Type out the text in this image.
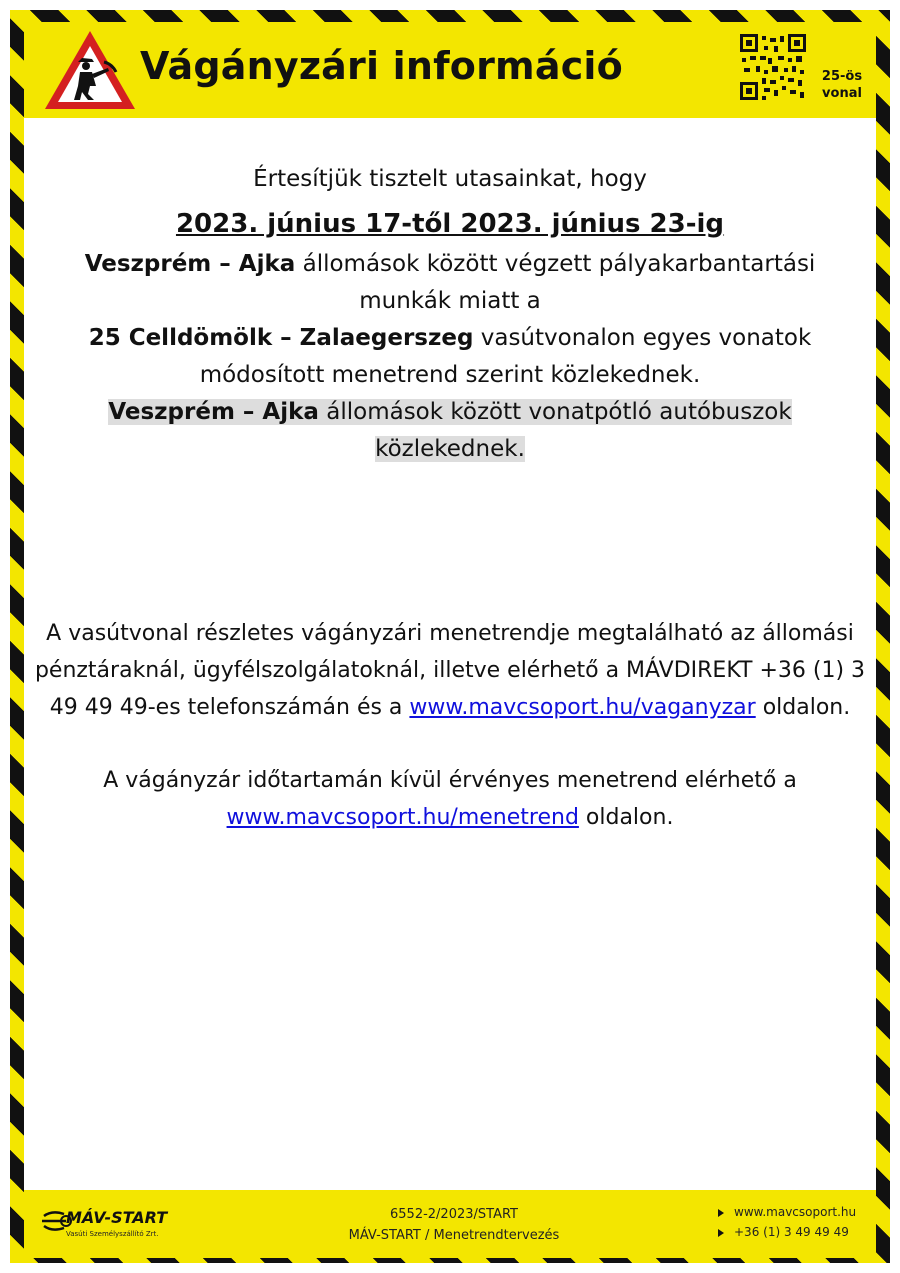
Vágányzári információ	25-ös
vonal

Értesítjük tisztelt utasainkat, hogy

2023. június 17-től 2023. június 23-ig

Veszprém – Ajka állomások között végzett pályakarbantartási munkák miatt a

25 Celldömölk – Zalaegerszeg vasútvonalon egyes vonatok módosított menetrend szerint közlekednek.

Veszprém – Ajka állomások között vonatpótló autóbuszok közlekednek.

A vasútvonal részletes vágányzári menetrendje megtalálható az állomási pénztáraknál, ügyfélszolgálatoknál, illetve elérhető a MÁVDIREKT +36 (1) 3 49 49 49-es telefonszámán és a www.mavcsoport.hu/vaganyzar oldalon.

A vágányzár időtartamán kívül érvényes menetrend elérhető a www.mavcsoport.hu/menetrend oldalon.

MÁV-START
Vasúti Személyszállító Zrt.
6552-2/2023/START
MÁV-START / Menetrendtervezés
www.mavcsoport.hu
+36 (1) 3 49 49 49
